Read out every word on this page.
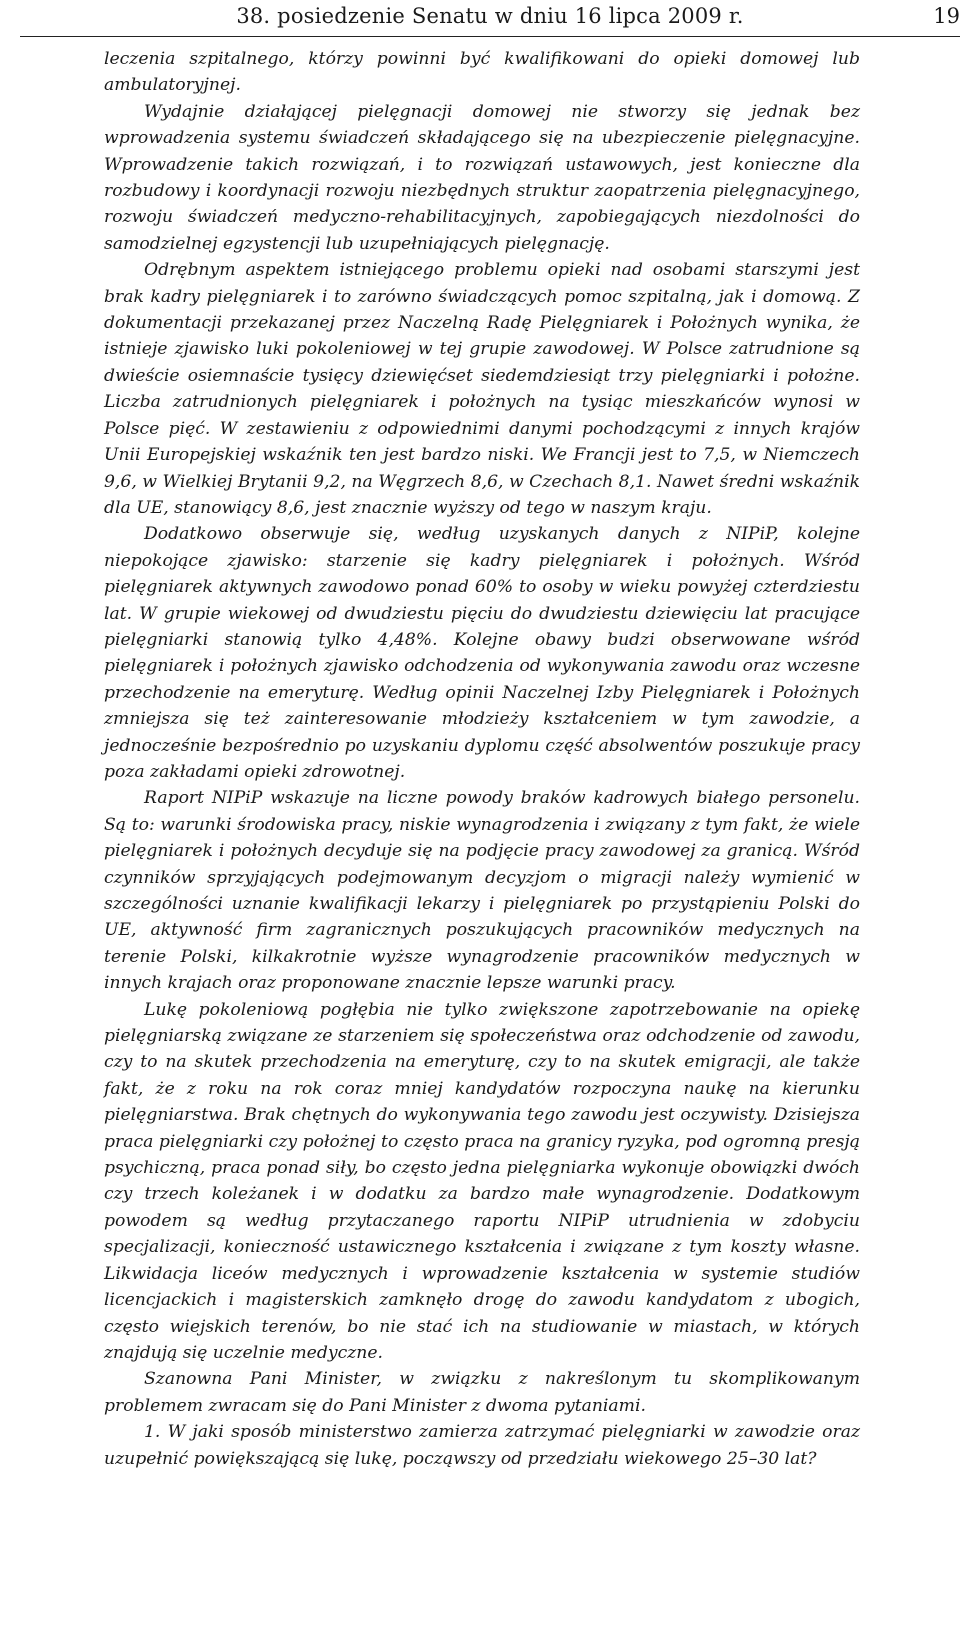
38. posiedzenie Senatu w dniu 16 lipca 2009 r.	19

leczenia szpitalnego, którzy powinni być kwalifikowani do opieki domowej lub ambulatoryjnej.

Wydajnie działającej pielęgnacji domowej nie stworzy się jednak bez wprowadzenia systemu świadczeń składającego się na ubezpieczenie pielęgnacyjne. Wprowadzenie takich rozwiązań, i to rozwiązań ustawowych, jest konieczne dla rozbudowy i koordynacji rozwoju niezbędnych struktur zaopatrzenia pielęgnacyjnego, rozwoju świadczeń medyczno-rehabilitacyjnych, zapobiegających niezdolności do samodzielnej egzystencji lub uzupełniających pielęgnację.

Odrębnym aspektem istniejącego problemu opieki nad osobami starszymi jest brak kadry pielęgniarek i to zarówno świadczących pomoc szpitalną, jak i domową. Z dokumentacji przekazanej przez Naczelną Radę Pielęgniarek i Położnych wynika, że istnieje zjawisko luki pokoleniowej w tej grupie zawodowej. W Polsce zatrudnione są dwieście osiemnaście tysięcy dziewięćset siedemdziesiąt trzy pielęgniarki i położne. Liczba zatrudnionych pielęgniarek i położnych na tysiąc mieszkańców wynosi w Polsce pięć. W zestawieniu z odpowiednimi danymi pochodzącymi z innych krajów Unii Europejskiej wskaźnik ten jest bardzo niski. We Francji jest to 7,5, w Niemczech 9,6, w Wielkiej Brytanii 9,2, na Węgrzech 8,6, w Czechach 8,1. Nawet średni wskaźnik dla UE, stanowiący 8,6, jest znacznie wyższy od tego w naszym kraju.

Dodatkowo obserwuje się, według uzyskanych danych z NIPiP, kolejne niepokojące zjawisko: starzenie się kadry pielęgniarek i położnych. Wśród pielęgniarek aktywnych zawodowo ponad 60% to osoby w wieku powyżej czterdziestu lat. W grupie wiekowej od dwudziestu pięciu do dwudziestu dziewięciu lat pracujące pielęgniarki stanowią tylko 4,48%. Kolejne obawy budzi obserwowane wśród pielęgniarek i położnych zjawisko odchodzenia od wykonywania zawodu oraz wczesne przechodzenie na emeryturę. Według opinii Naczelnej Izby Pielęgniarek i Położnych zmniejsza się też zainteresowanie młodzieży kształceniem w tym zawodzie, a jednocześnie bezpośrednio po uzyskaniu dyplomu część absolwentów poszukuje pracy poza zakładami opieki zdrowotnej.

Raport NIPiP wskazuje na liczne powody braków kadrowych białego personelu. Są to: warunki środowiska pracy, niskie wynagrodzenia i związany z tym fakt, że wiele pielęgniarek i położnych decyduje się na podjęcie pracy zawodowej za granicą. Wśród czynników sprzyjających podejmowanym decyzjom o migracji należy wymienić w szczególności uznanie kwalifikacji lekarzy i pielęgniarek po przystąpieniu Polski do UE, aktywność firm zagranicznych poszukujących pracowników medycznych na terenie Polski, kilkakrotnie wyższe wynagrodzenie pracowników medycznych w innych krajach oraz proponowane znacznie lepsze warunki pracy.

Lukę pokoleniową pogłębia nie tylko zwiększone zapotrzebowanie na opiekę pielęgniarską związane ze starzeniem się społeczeństwa oraz odchodzenie od zawodu, czy to na skutek przechodzenia na emeryturę, czy to na skutek emigracji, ale także fakt, że z roku na rok coraz mniej kandydatów rozpoczyna naukę na kierunku pielęgniarstwa. Brak chętnych do wykonywania tego zawodu jest oczywisty. Dzisiejsza praca pielęgniarki czy położnej to często praca na granicy ryzyka, pod ogromną presją psychiczną, praca ponad siły, bo często jedna pielęgniarka wykonuje obowiązki dwóch czy trzech koleżanek i w dodatku za bardzo małe wynagrodzenie. Dodatkowym powodem są według przytaczanego raportu NIPiP utrudnienia w zdobyciu specjalizacji, konieczność ustawicznego kształcenia i związane z tym koszty własne. Likwidacja liceów medycznych i wprowadzenie kształcenia w systemie studiów licencjackich i magisterskich zamknęło drogę do zawodu kandydatom z ubogich, często wiejskich terenów, bo nie stać ich na studiowanie w miastach, w których znajdują się uczelnie medyczne.

Szanowna Pani Minister, w związku z nakreślonym tu skomplikowanym problemem zwracam się do Pani Minister z dwoma pytaniami.

1. W jaki sposób ministerstwo zamierza zatrzymać pielęgniarki w zawodzie oraz uzupełnić powiększającą się lukę, począwszy od przedziału wiekowego 25–30 lat?
